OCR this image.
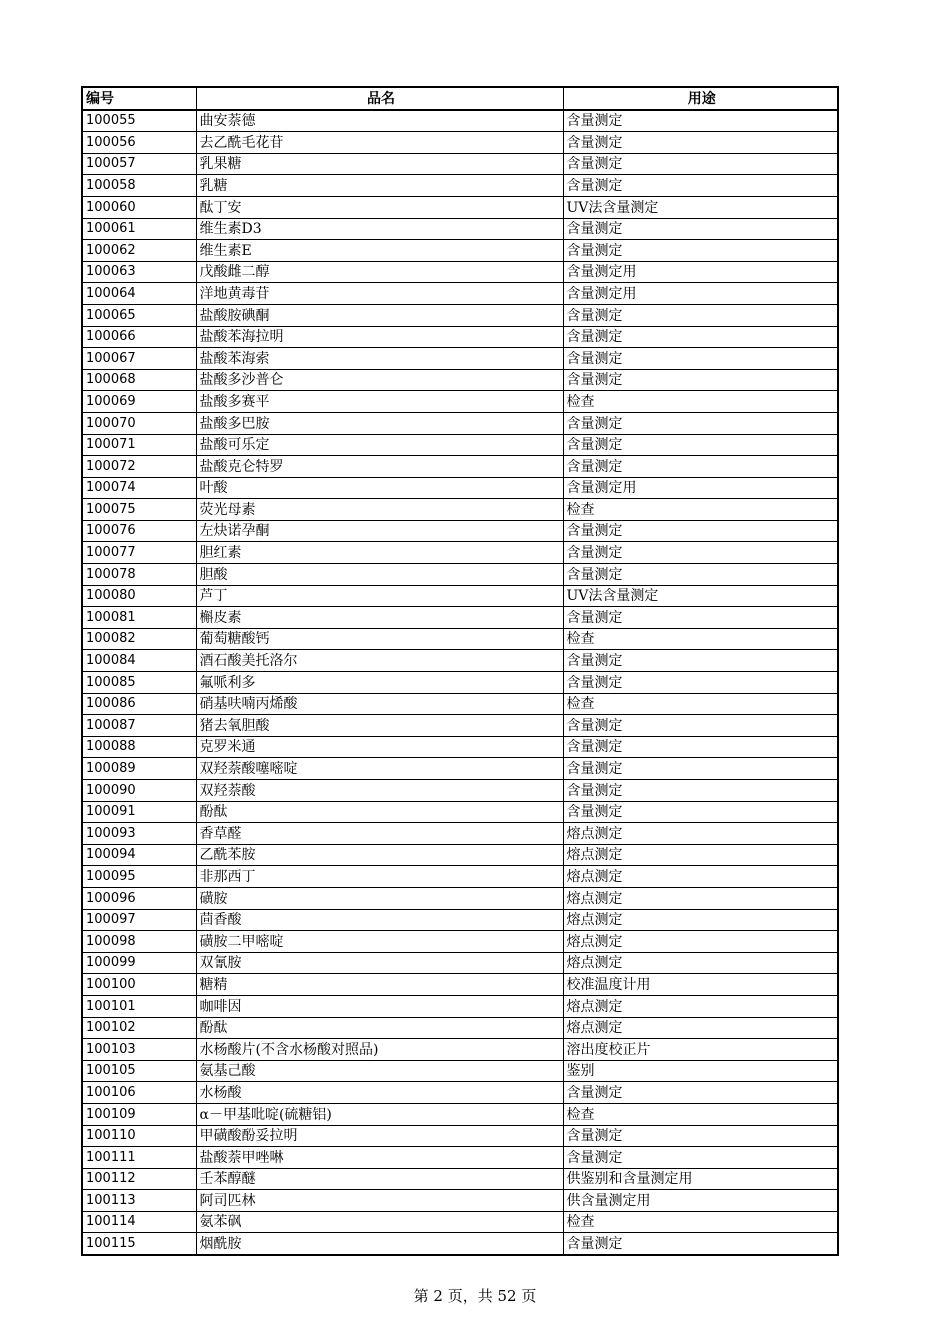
编号	品名	用途
100055	曲安萘德	含量测定
100056	去乙酰毛花苷	含量测定
100057	乳果糖	含量测定
100058	乳糖	含量测定
100060	酞丁安	UV法含量测定
100061	维生素D3	含量测定
100062	维生素E	含量测定
100063	戊酸雌二醇	含量测定用
100064	洋地黄毒苷	含量测定用
100065	盐酸胺碘酮	含量测定
100066	盐酸苯海拉明	含量测定
100067	盐酸苯海索	含量测定
100068	盐酸多沙普仑	含量测定
100069	盐酸多赛平	检查
100070	盐酸多巴胺	含量测定
100071	盐酸可乐定	含量测定
100072	盐酸克仑特罗	含量测定
100074	叶酸	含量测定用
100075	荧光母素	检查
100076	左炔诺孕酮	含量测定
100077	胆红素	含量测定
100078	胆酸	含量测定
100080	芦丁	UV法含量测定
100081	槲皮素	含量测定
100082	葡萄糖酸钙	检查
100084	酒石酸美托洛尔	含量测定
100085	氟哌利多	含量测定
100086	硝基呋喃丙烯酸	检查
100087	猪去氧胆酸	含量测定
100088	克罗米通	含量测定
100089	双羟萘酸噻嘧啶	含量测定
100090	双羟萘酸	含量测定
100091	酚酞	含量测定
100093	香草醛	熔点测定
100094	乙酰苯胺	熔点测定
100095	非那西丁	熔点测定
100096	磺胺	熔点测定
100097	茴香酸	熔点测定
100098	磺胺二甲嘧啶	熔点测定
100099	双氰胺	熔点测定
100100	糖精	校准温度计用
100101	咖啡因	熔点测定
100102	酚酞	熔点测定
100103	水杨酸片(不含水杨酸对照品)	溶出度校正片
100105	氨基己酸	鉴别
100106	水杨酸	含量测定
100109	α－甲基吡啶(硫糖铝)	检查
100110	甲磺酸酚妥拉明	含量测定
100111	盐酸萘甲唑啉	含量测定
100112	壬苯醇醚	供鉴别和含量测定用
100113	阿司匹林	供含量测定用
100114	氨苯砜	检查
100115	烟酰胺	含量测定
第 2 页，共 52 页
